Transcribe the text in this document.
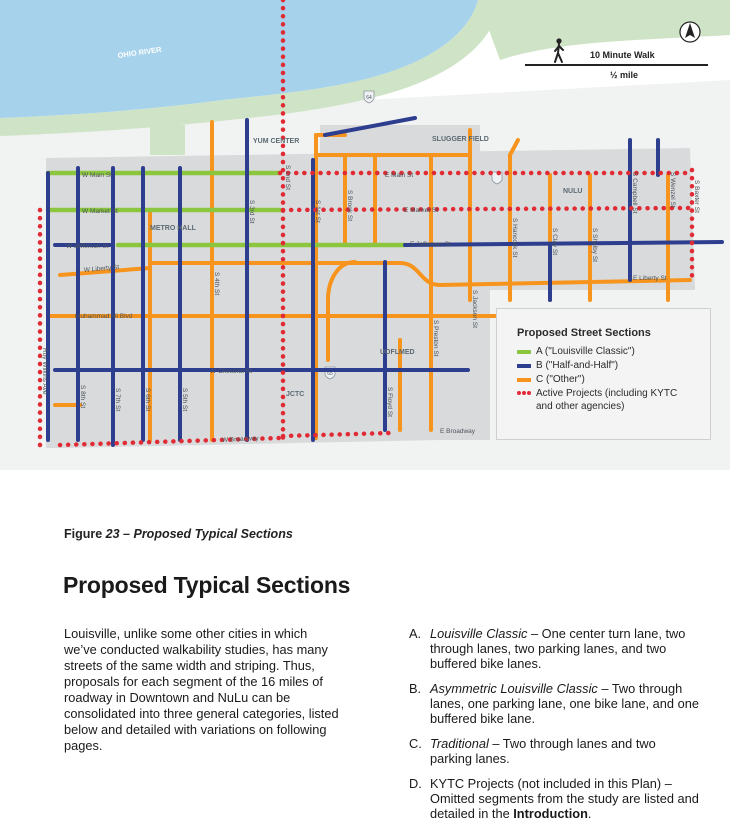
OHIO RIVER
64
65
YUM CENTER	SLUGGER FIELD
METRO HALL
NULU
JCTC
UOFLMED
W Main St	E Main St
W Market St	E Market St
W Jefferson St	E Jefferson St
W Liberty St
E Liberty St
Muhammad Ali Blvd
W Chestnut St
W Broadway
E Broadway
S 2nd St
S 3rd St
S 4th St
S 5th St
S 6th St
S 7th St
S 8th St
S 1st St	S Brook St
S Floyd St
S Preston St
S Jackson St
S Hancock St	S Clay St	S Shelby St
S Campbell St	S Wenzel St	S Baxter St
Roy Wilkins Ave
10 Minute Walk
½ mile
Proposed Street Sections
A ("Louisville Classic")
B ("Half-and-Half")
C ("Other")
Active Projects (including KYTC and other agencies)
Figure 23 – Proposed Typical Sections
Proposed Typical Sections
Louisville, unlike some other cities in which we’ve conducted walkability studies, has many streets of the same width and striping. Thus, proposals for each segment of the 16 miles of roadway in Downtown and NuLu can be consolidated into three general categories, listed below and detailed with variations on following pages.
A. Louisville Classic – One center turn lane, two through lanes, two parking lanes, and two buffered bike lanes.
B. Asymmetric Louisville Classic – Two through lanes, one parking lane, one bike lane, and one buffered bike lane.
C. Traditional – Two through lanes and two parking lanes.
D. KYTC Projects (not included in this Plan) – Omitted segments from the study are listed and detailed in the Introduction.
